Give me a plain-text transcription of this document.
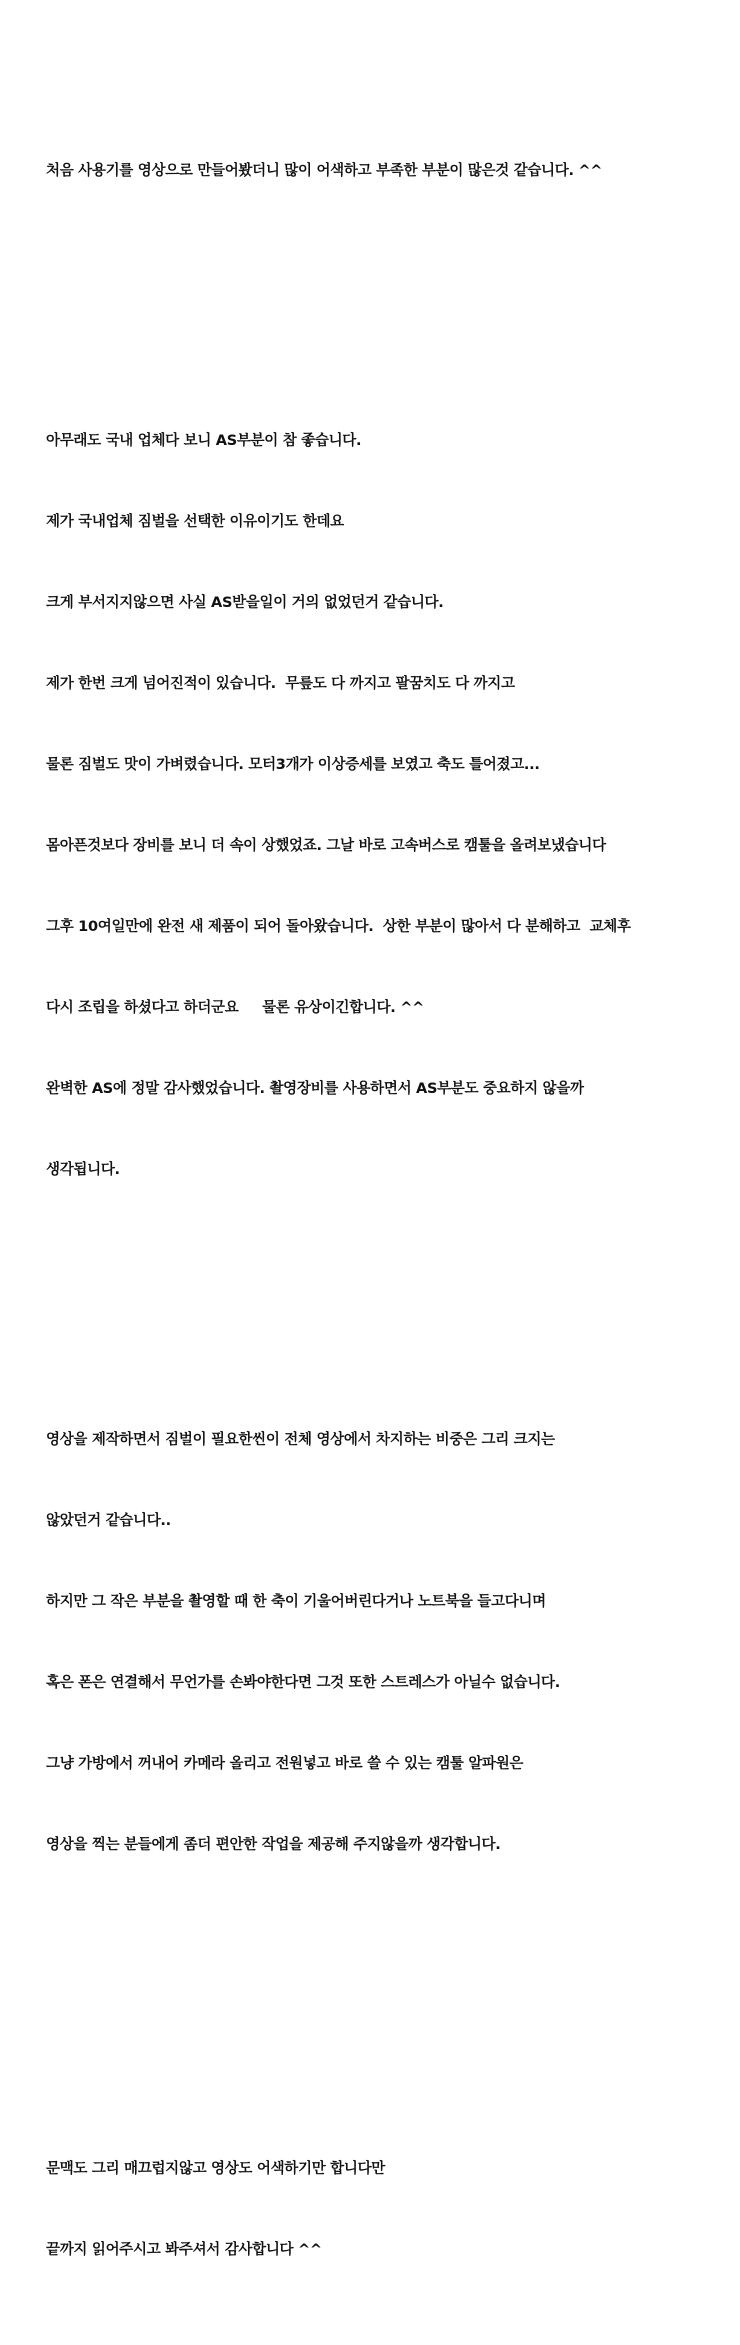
처음 사용기를 영상으로 만들어봤더니 많이 어색하고 부족한 부분이 많은것 같습니다. ^^

아무래도 국내 업체다 보니 AS부분이 참 좋습니다.

제가 국내업체 짐벌을 선택한 이유이기도 한데요

크게 부서지지않으면 사실 AS받을일이 거의 없었던거 같습니다.

제가 한번 크게 넘어진적이 있습니다.  무릎도 다 까지고 팔꿈치도 다 까지고

물론 짐벌도 맛이 가벼렸습니다. 모터3개가 이상증세를 보였고 축도 틀어졌고...

몸아픈것보다 장비를 보니 더 속이 상했었죠. 그날 바로 고속버스로 캠툴을 올려보냈습니다

그후 10여일만에 완전 새 제품이 되어 돌아왔습니다.  상한 부분이 많아서 다 분해하고  교체후

다시 조립을 하셨다고 하더군요     물론 유상이긴합니다. ^^

완벽한 AS에 정말 감사했었습니다. 촬영장비를 사용하면서 AS부분도 중요하지 않을까

생각됩니다.

영상을 제작하면서 짐벌이 필요한씬이 전체 영상에서 차지하는 비중은 그리 크지는

않았던거 같습니다..

하지만 그 작은 부분을 촬영할 때 한 축이 기울어버린다거나 노트북을 들고다니며

혹은 폰은 연결해서 무언가를 손봐야한다면 그것 또한 스트레스가 아닐수 없습니다.

그냥 가방에서 꺼내어 카메라 올리고 전원넣고 바로 쓸 수 있는 캠툴 알파원은

영상을 찍는 분들에게 좀더 편안한 작업을 제공해 주지않을까 생각합니다.

문맥도 그리 매끄럽지않고 영상도 어색하기만 합니다만

끝까지 읽어주시고 봐주셔서 감사합니다 ^^
